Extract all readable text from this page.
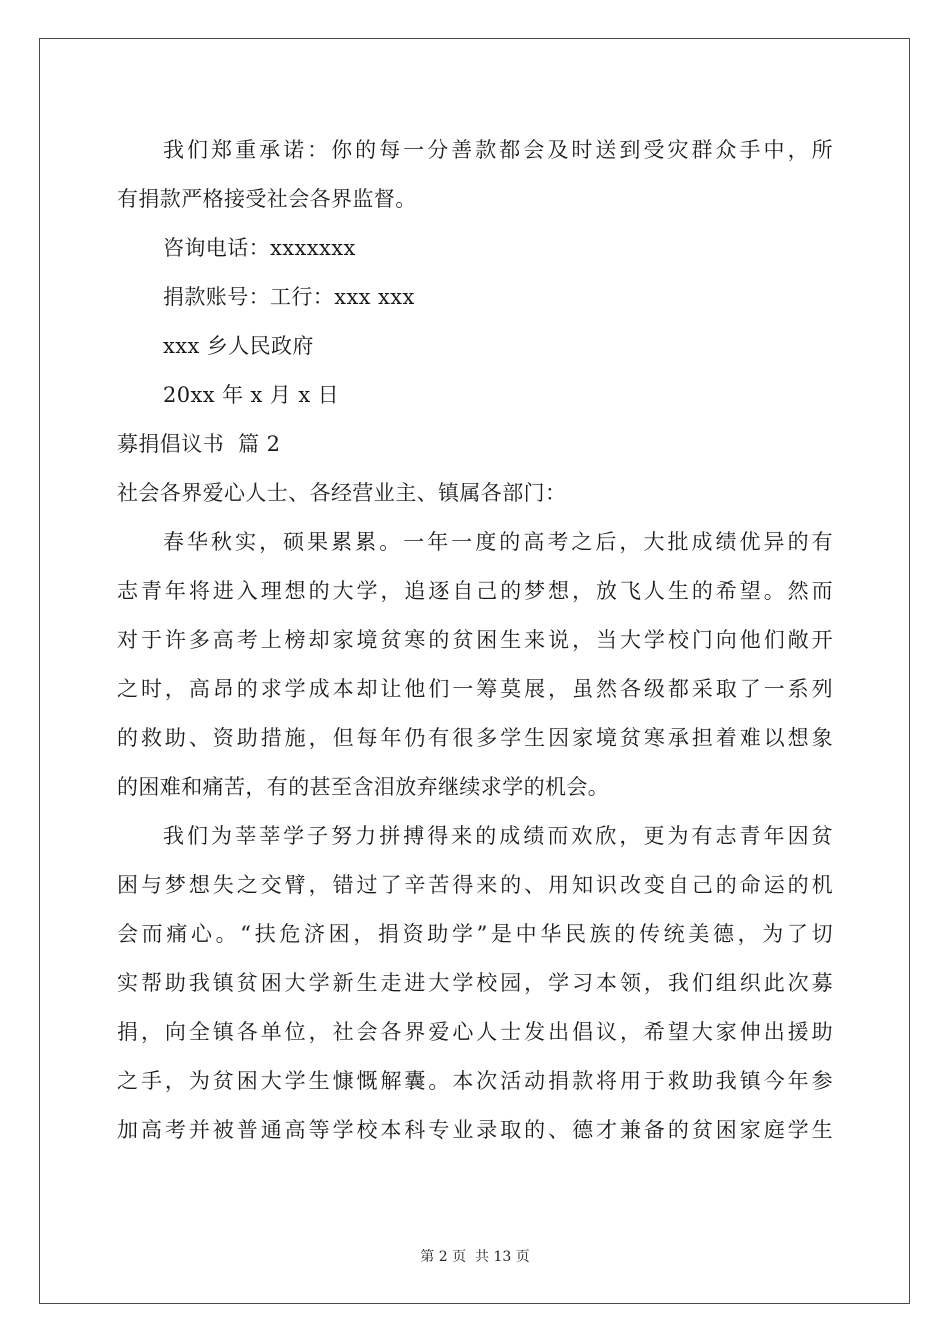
我们郑重承诺：你的每一分善款都会及时送到受灾群众手中，所
有捐款严格接受社会各界监督。
咨询电话：xxxxxxx
捐款账号：工行：xxx xxx
xxx 乡人民政府
20xx 年 x 月 x 日
募捐倡议书  篇 2
社会各界爱心人士、各经营业主、镇属各部门：
春华秋实，硕果累累。一年一度的高考之后，大批成绩优异的有
志青年将进入理想的大学，追逐自己的梦想，放飞人生的希望。然而
对于许多高考上榜却家境贫寒的贫困生来说，当大学校门向他们敞开
之时，高昂的求学成本却让他们一筹莫展，虽然各级都采取了一系列
的救助、资助措施，但每年仍有很多学生因家境贫寒承担着难以想象
的困难和痛苦，有的甚至含泪放弃继续求学的机会。
我们为莘莘学子努力拼搏得来的成绩而欢欣，更为有志青年因贫
困与梦想失之交臂，错过了辛苦得来的、用知识改变自己的命运的机
会而痛心。“扶危济困，捐资助学”是中华民族的传统美德，为了切
实帮助我镇贫困大学新生走进大学校园，学习本领，我们组织此次募
捐，向全镇各单位，社会各界爱心人士发出倡议，希望大家伸出援助
之手，为贫困大学生慷慨解囊。本次活动捐款将用于救助我镇今年参
加高考并被普通高等学校本科专业录取的、德才兼备的贫困家庭学生
第 2 页  共 13 页
